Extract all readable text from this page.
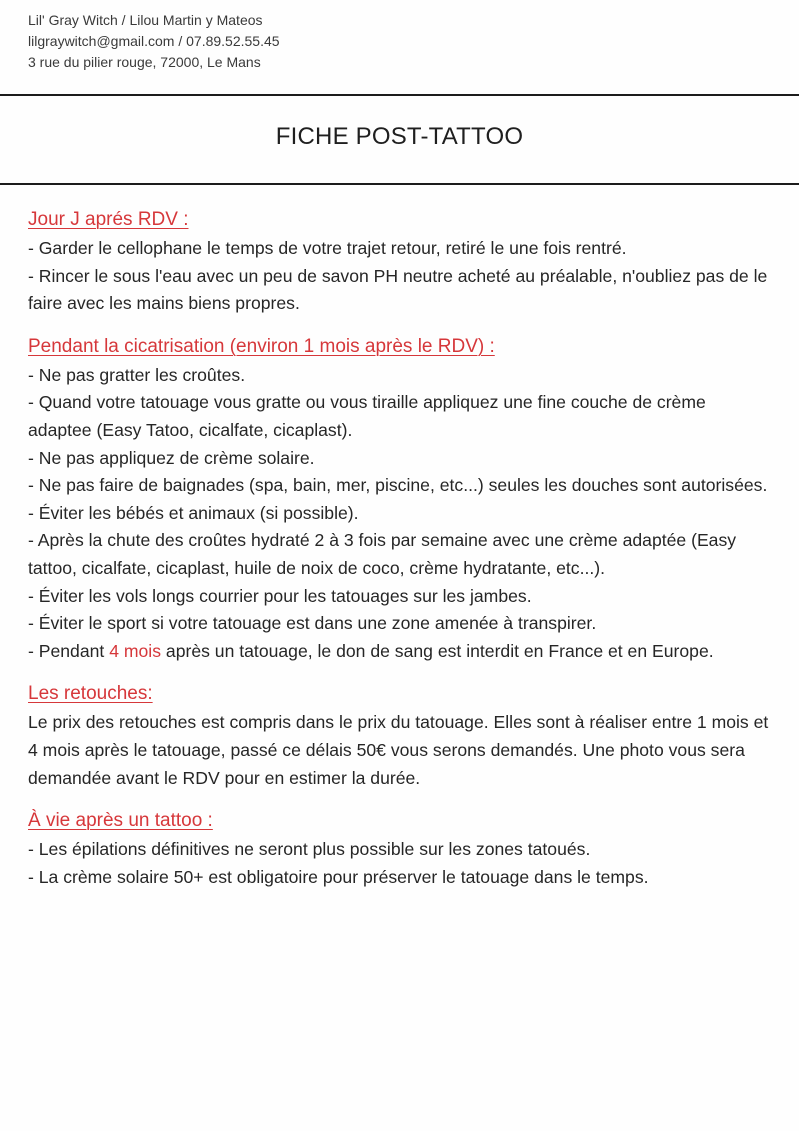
Lil' Gray Witch / Lilou Martin y Mateos
lilgraywitch@gmail.com / 07.89.52.55.45
3 rue du pilier rouge, 72000, Le Mans
FICHE POST-TATTOO
Jour J aprés RDV :
- Garder le cellophane le temps de votre trajet retour, retiré le une fois rentré.
- Rincer le sous l'eau avec un peu de savon PH neutre acheté au préalable, n'oubliez pas de le faire avec les mains biens propres.
Pendant la cicatrisation (environ 1 mois après le RDV) :
- Ne pas gratter les croûtes.
- Quand votre tatouage vous gratte ou vous tiraille appliquez une fine couche de crème adaptee (Easy Tatoo, cicalfate, cicaplast).
- Ne pas appliquez de crème solaire.
- Ne pas faire de baignades (spa, bain, mer, piscine, etc...) seules les douches sont autorisées.
- Éviter les bébés et animaux (si possible).
- Après la chute des croûtes hydraté 2 à 3 fois par semaine avec une crème adaptée (Easy tattoo, cicalfate, cicaplast, huile de noix de coco, crème hydratante, etc...).
- Éviter les vols longs courrier pour les tatouages sur les jambes.
- Éviter le sport si votre tatouage est dans une zone amenée à transpirer.
- Pendant 4 mois après un tatouage, le don de sang est interdit en France et en Europe.
Les retouches:
Le prix des retouches est compris dans le prix du tatouage. Elles sont à réaliser entre 1 mois et 4 mois après le tatouage, passé ce délais 50€ vous serons demandés. Une photo vous sera demandée avant le RDV pour en estimer la durée.
À vie après un tattoo :
- Les épilations définitives ne seront plus possible sur les zones tatoués.
- La crème solaire 50+ est obligatoire pour préserver le tatouage dans le temps.
